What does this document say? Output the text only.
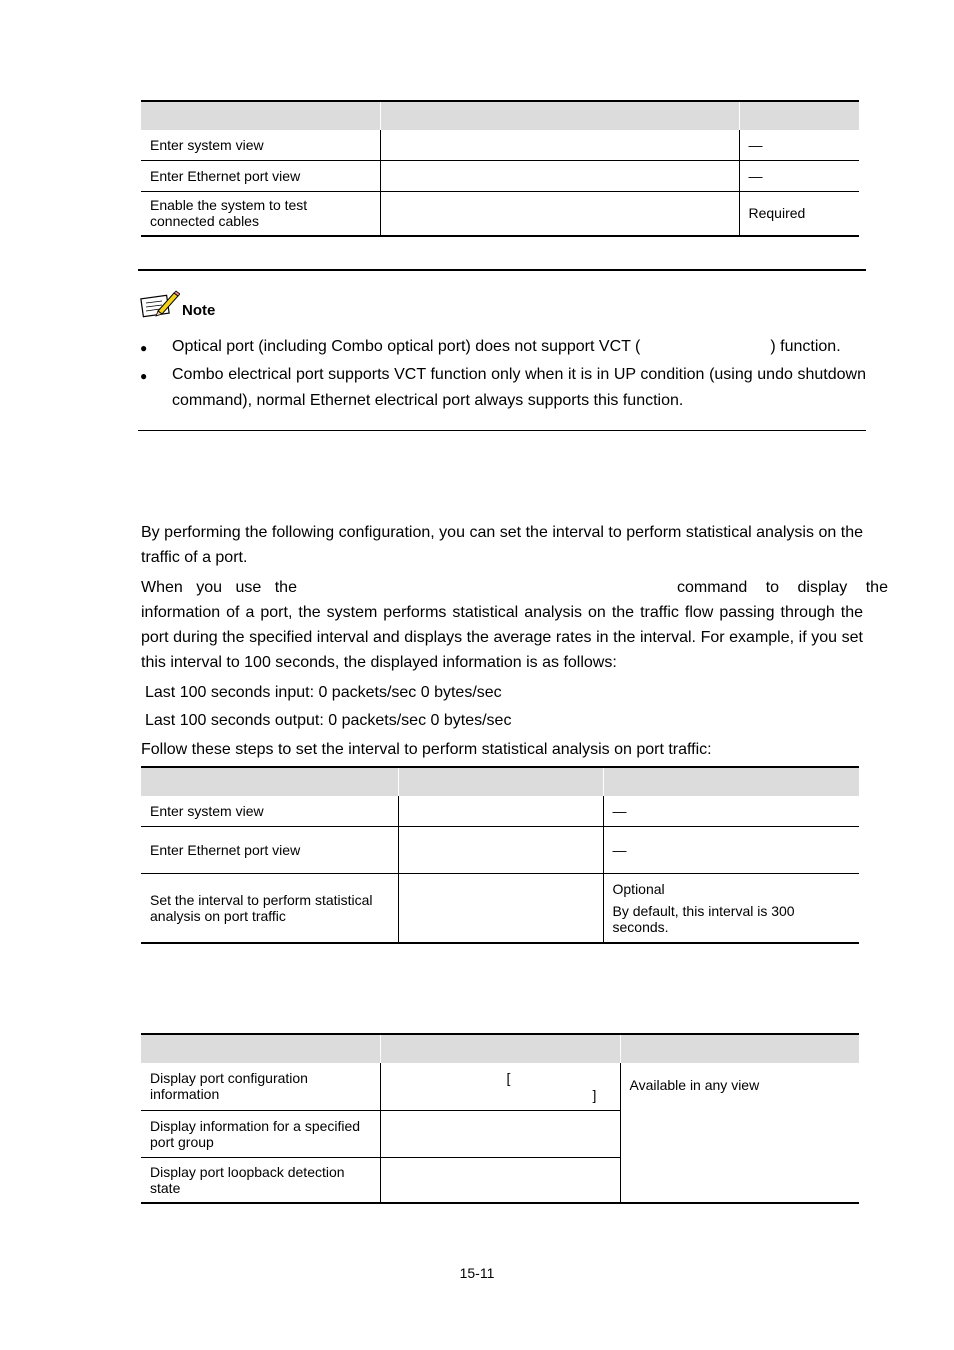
Enter system view		—
Enter Ethernet port view		—

Enable the system to test
connected cables		Required
Note
● Optical port (including Combo optical port) does not support VCT (	) function.
● Combo electrical port supports VCT function only when it is in UP condition (using undo shutdown command), normal Ethernet electrical port always supports this function.

By performing the following configuration, you can set the interval to perform statistical analysis on the traffic of a port.

When you use the	command to display the

information of a port, the system performs statistical analysis on the traffic flow passing through the port during the specified interval and displays the average rates in the interval. For example, if you set this interval to 100 seconds, the displayed information is as follows:

Last 100 seconds input: 0 packets/sec 0 bytes/sec
Last 100 seconds output: 0 packets/sec 0 bytes/sec
Follow these steps to set the interval to perform statistical analysis on port traffic:

Enter system view		—
Enter Ethernet port view		—

Set the interval to perform statistical
analysis on port traffic		Optional
By default, this interval is 300
seconds.

Display port configuration
information	[
]	Available in any view

Display information for a specified
port group		

Display port loopback detection
state		

15-11
